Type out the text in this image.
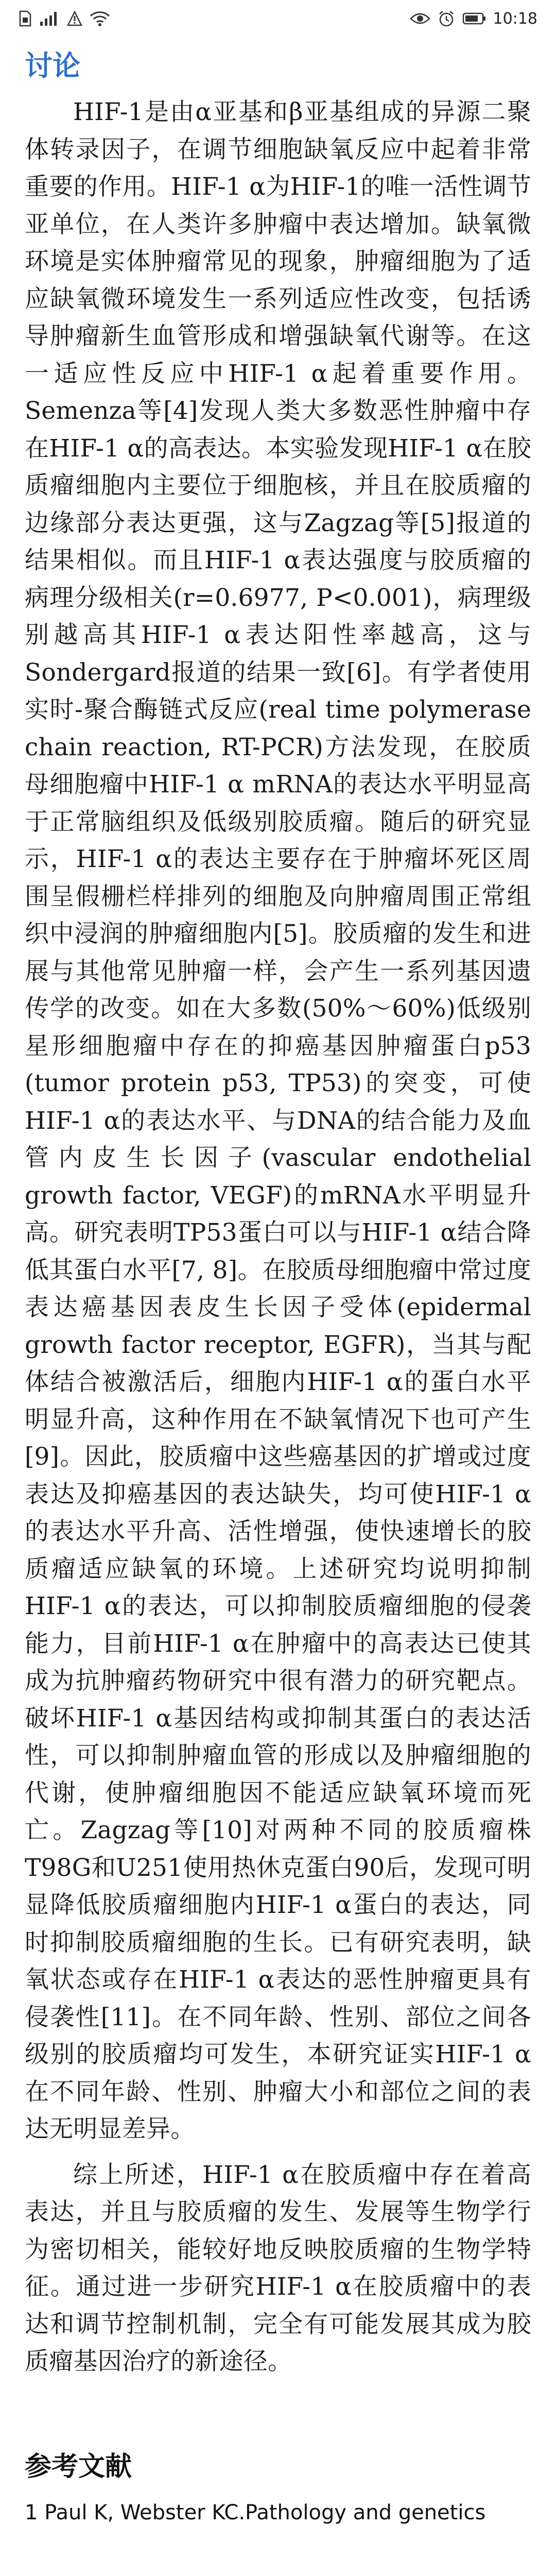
10:18
讨论

HIF-1是由α亚基和β亚基组成的异源二聚体转录因子，在调节细胞缺氧反应中起着非常重要的作用。HIF-1 α为HIF-1的唯一活性调节亚单位，在人类许多肿瘤中表达增加。缺氧微环境是实体肿瘤常见的现象，肿瘤细胞为了适应缺氧微环境发生一系列适应性改变，包括诱导肿瘤新生血管形成和增强缺氧代谢等。在这一适应性反应中HIF-1 α起着重要作用。Semenza等[4]发现人类大多数恶性肿瘤中存在HIF-1 α的高表达。本实验发现HIF-1 α在胶质瘤细胞内主要位于细胞核，并且在胶质瘤的边缘部分表达更强，这与Zagzag等[5]报道的结果相似。而且HIF-1 α表达强度与胶质瘤的病理分级相关(r=0.6977, P<0.001)，病理级别越高其HIF-1 α表达阳性率越高，这与Sondergard报道的结果一致[6]。有学者使用实时-聚合酶链式反应(real time polymerase chain reaction, RT-PCR)方法发现，在胶质母细胞瘤中HIF-1 α mRNA的表达水平明显高于正常脑组织及低级别胶质瘤。随后的研究显示，HIF-1 α的表达主要存在于肿瘤坏死区周围呈假栅栏样排列的细胞及向肿瘤周围正常组织中浸润的肿瘤细胞内[5]。胶质瘤的发生和进展与其他常见肿瘤一样，会产生一系列基因遗传学的改变。如在大多数(50%～60%)低级别星形细胞瘤中存在的抑癌基因肿瘤蛋白p53 (tumor protein p53, TP53)的突变，可使HIF-1 α的表达水平、与DNA的结合能力及血管内皮生长因子(vascular endothelial growth factor, VEGF)的mRNA水平明显升高。研究表明TP53蛋白可以与HIF-1 α结合降低其蛋白水平[7, 8]。在胶质母细胞瘤中常过度表达癌基因表皮生长因子受体(epidermal growth factor receptor, EGFR)，当其与配体结合被激活后，细胞内HIF-1 α的蛋白水平明显升高，这种作用在不缺氧情况下也可产生[9]。因此，胶质瘤中这些癌基因的扩增或过度表达及抑癌基因的表达缺失，均可使HIF-1 α的表达水平升高、活性增强，使快速增长的胶质瘤适应缺氧的环境。上述研究均说明抑制HIF-1 α的表达，可以抑制胶质瘤细胞的侵袭能力，目前HIF-1 α在肿瘤中的高表达已使其成为抗肿瘤药物研究中很有潜力的研究靶点。破坏HIF-1 α基因结构或抑制其蛋白的表达活性，可以抑制肿瘤血管的形成以及肿瘤细胞的代谢，使肿瘤细胞因不能适应缺氧环境而死亡。Zagzag等[10]对两种不同的胶质瘤株T98G和U251使用热休克蛋白90后，发现可明显降低胶质瘤细胞内HIF-1 α蛋白的表达，同时抑制胶质瘤细胞的生长。已有研究表明，缺氧状态或存在HIF-1 α表达的恶性肿瘤更具有侵袭性[11]。在不同年龄、性别、部位之间各级别的胶质瘤均可发生，本研究证实HIF-1 α在不同年龄、性别、肿瘤大小和部位之间的表达无明显差异。

综上所述，HIF-1 α在胶质瘤中存在着高表达，并且与胶质瘤的发生、发展等生物学行为密切相关，能较好地反映胶质瘤的生物学特征。通过进一步研究HIF-1 α在胶质瘤中的表达和调节控制机制，完全有可能发展其成为胶质瘤基因治疗的新途径。

参考文献
1 Paul K, Webster KC.Pathology and genetics
